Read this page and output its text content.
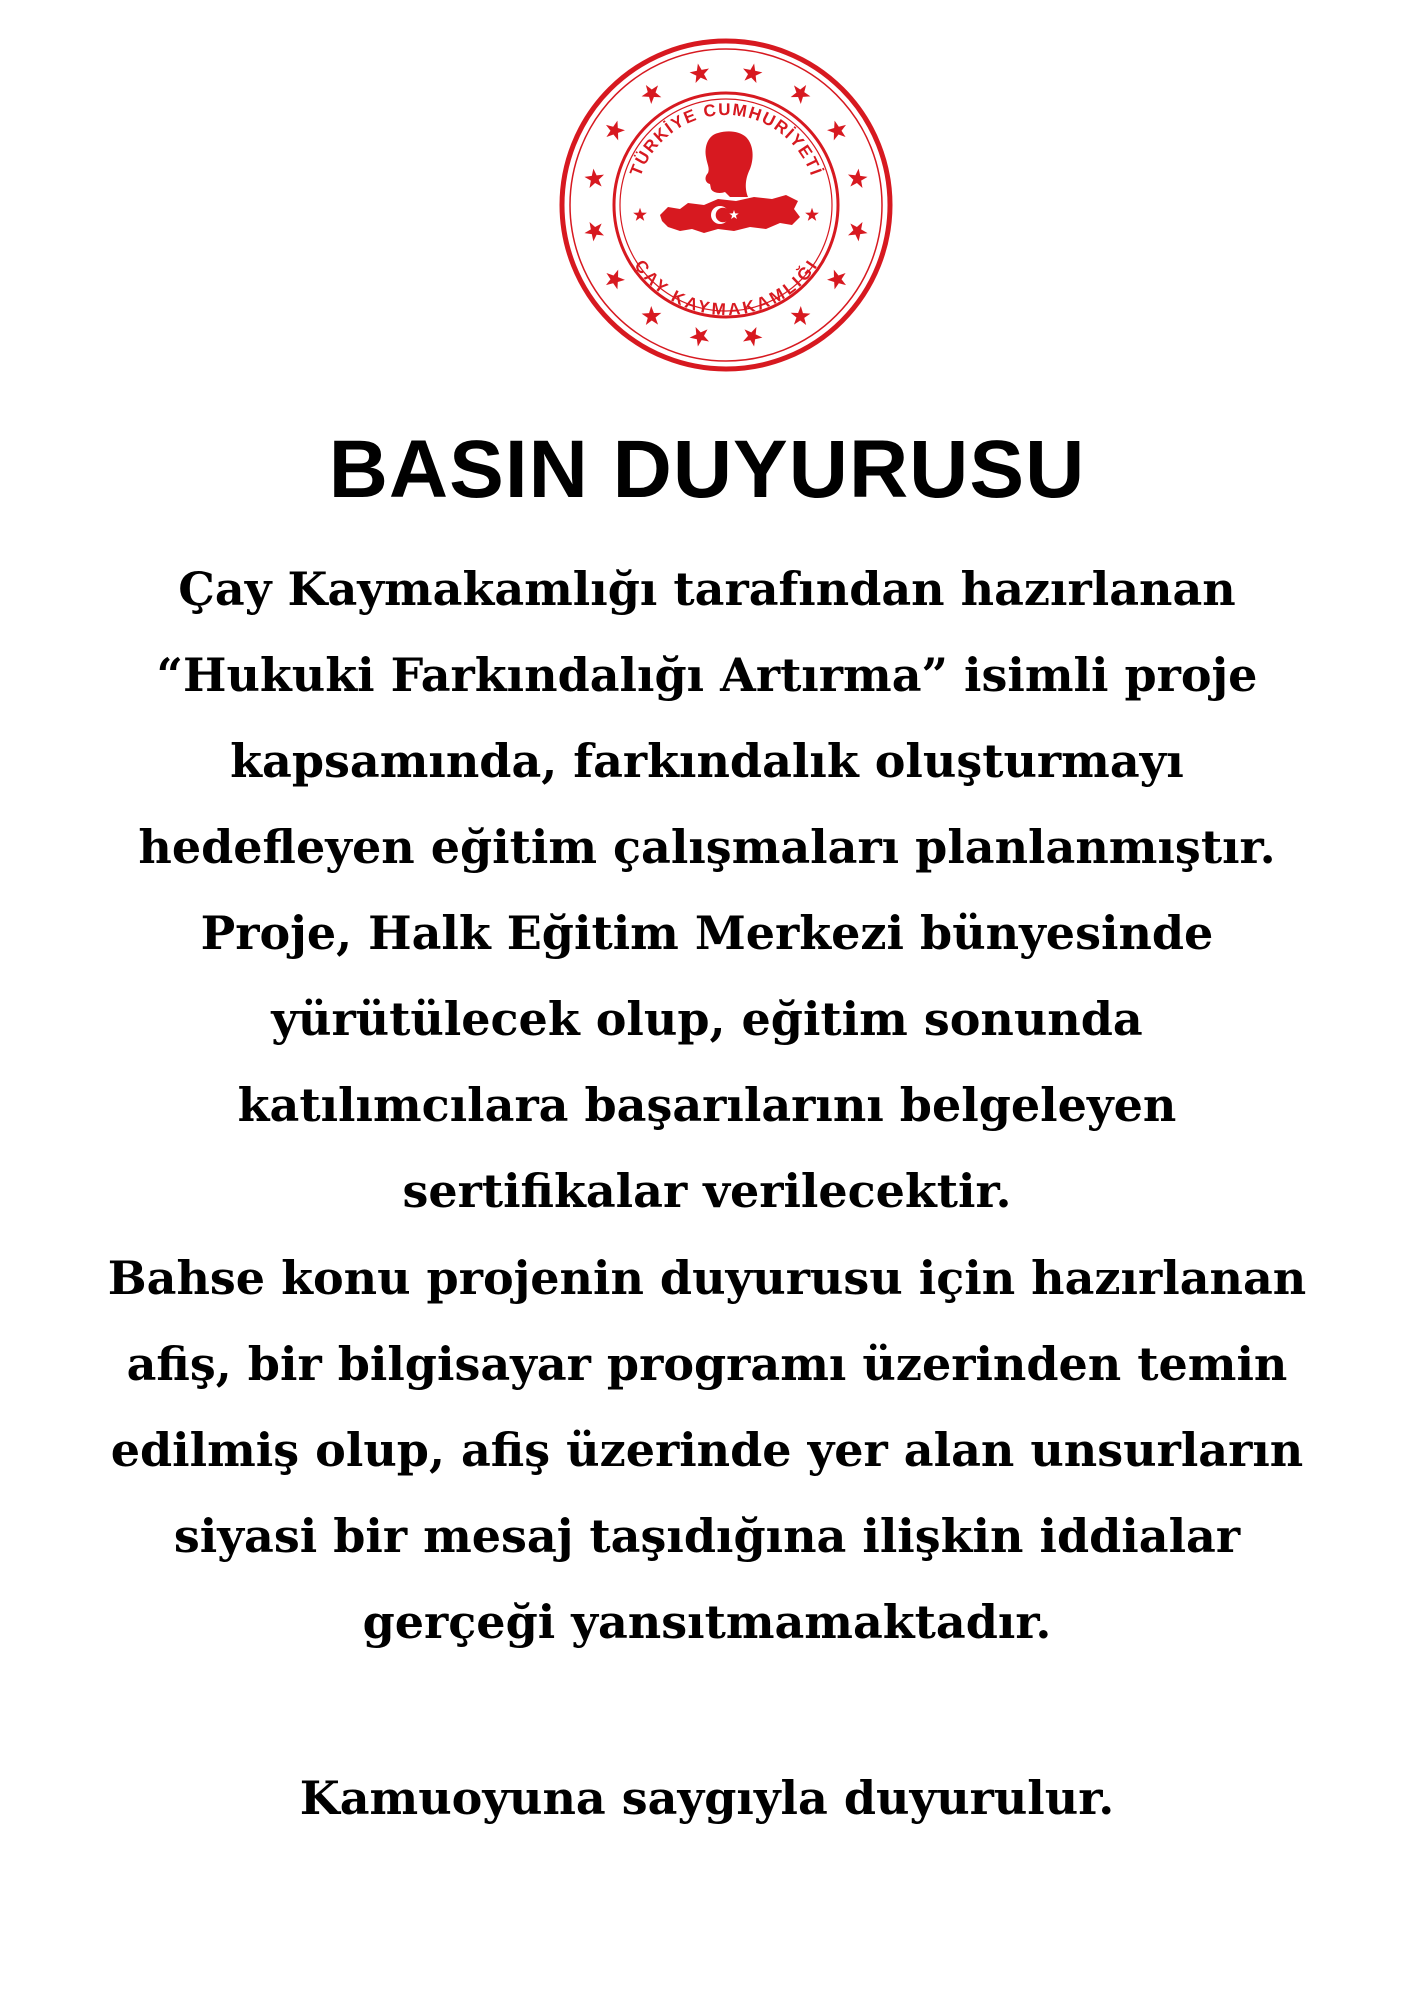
TÜRKİYE CUMHURİYETİ
ÇAY KAYMAKAMLIĞI
BASIN DUYURUSU
Çay Kaymakamlığı tarafından hazırlanan
“Hukuki Farkındalığı Artırma” isimli proje
kapsamında, farkındalık oluşturmayı
hedefleyen eğitim çalışmaları planlanmıştır.
Proje, Halk Eğitim Merkezi bünyesinde
yürütülecek olup, eğitim sonunda
katılımcılara başarılarını belgeleyen
sertifikalar verilecektir.
Bahse konu projenin duyurusu için hazırlanan
afiş, bir bilgisayar programı üzerinden temin
edilmiş olup, afiş üzerinde yer alan unsurların
siyasi bir mesaj taşıdığına ilişkin iddialar
gerçeği yansıtmamaktadır.

Kamuoyuna saygıyla duyurulur.
